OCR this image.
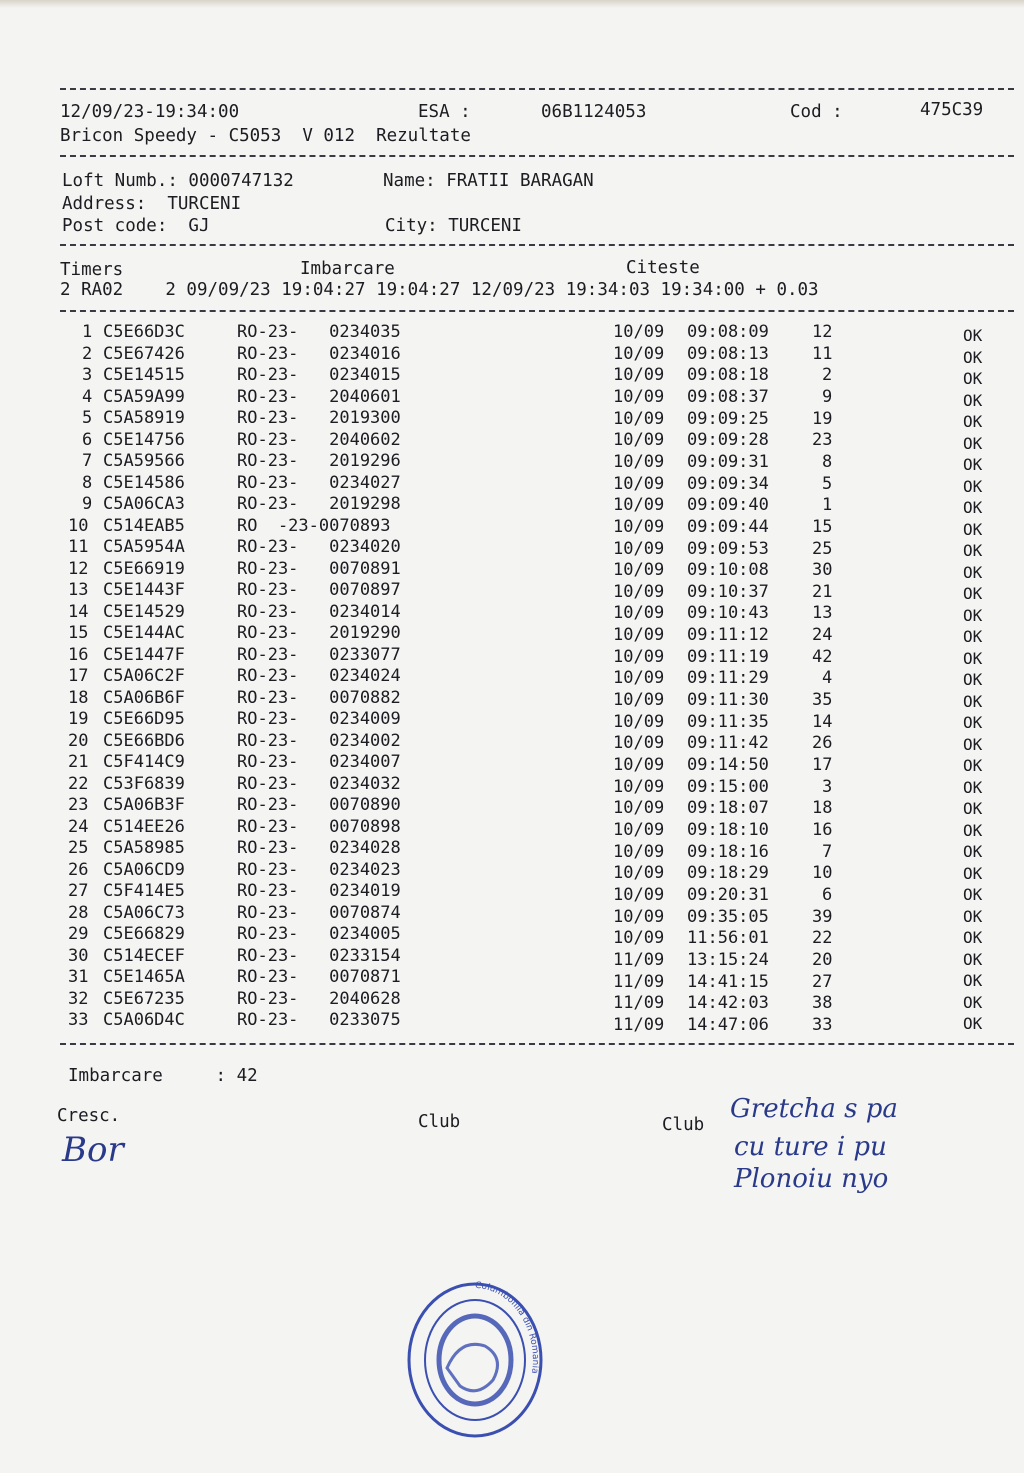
12/09/23-19:34:00	ESA :	06B1124053	Cod :	475C39
Bricon Speedy - C5053  V 012  Rezultate
Loft Numb.: 0000747132	Name: FRATII BARAGAN
Address:  TURCENI
Post code:  GJ	City: TURCENI
Timers	Imbarcare	Citeste
2 RA02    2 09/09/23 19:04:27 19:04:27 12/09/23 19:34:03 19:34:00 + 0.03
1 C5E66D3C	RO-23-   0234035	10/09 09:08:09	12	OK
2 C5E67426	RO-23-   0234016	10/09 09:08:13	11	OK
3 C5E14515	RO-23-   0234015	10/09 09:08:18	2	OK
4 C5A59A99	RO-23-   2040601	10/09 09:08:37	9	OK
5 C5A58919	RO-23-   2019300	10/09 09:09:25	19	OK
6 C5E14756	RO-23-   2040602	10/09 09:09:28	23	OK
7 C5A59566	RO-23-   2019296	10/09 09:09:31	8	OK
8 C5E14586	RO-23-   0234027	10/09 09:09:34	5	OK
9 C5A06CA3	RO-23-   2019298	10/09 09:09:40	1	OK
10 C514EAB5	RO  -23-0070893	10/09 09:09:44	15	OK
11 C5A5954A	RO-23-   0234020	10/09 09:09:53	25	OK
12 C5E66919	RO-23-   0070891	10/09 09:10:08	30	OK
13 C5E1443F	RO-23-   0070897	10/09 09:10:37	21	OK
14 C5E14529	RO-23-   0234014	10/09 09:10:43	13	OK
15 C5E144AC	RO-23-   2019290	10/09 09:11:12	24	OK
16 C5E1447F	RO-23-   0233077	10/09 09:11:19	42	OK
17 C5A06C2F	RO-23-   0234024	10/09 09:11:29	4	OK
18 C5A06B6F	RO-23-   0070882	10/09 09:11:30	35	OK
19 C5E66D95	RO-23-   0234009	10/09 09:11:35	14	OK
20 C5E66BD6	RO-23-   0234002	10/09 09:11:42	26	OK
21 C5F414C9	RO-23-   0234007	10/09 09:14:50	17	OK
22 C53F6839	RO-23-   0234032	10/09 09:15:00	3	OK
23 C5A06B3F	RO-23-   0070890	10/09 09:18:07	18	OK
24 C514EE26	RO-23-   0070898	10/09 09:18:10	16	OK
25 C5A58985	RO-23-   0234028	10/09 09:18:16	7	OK
26 C5A06CD9	RO-23-   0234023	10/09 09:18:29	10	OK
27 C5F414E5	RO-23-   0234019	10/09 09:20:31	6	OK
28 C5A06C73	RO-23-   0070874	10/09 09:35:05	39	OK
29 C5E66829	RO-23-   0234005	10/09 11:56:01	22	OK
30 C514ECEF	RO-23-   0233154	11/09 13:15:24	20	OK
31 C5E1465A	RO-23-   0070871	11/09 14:41:15	27	OK
32 C5E67235	RO-23-   2040628	11/09 14:42:03	38	OK
33 C5A06D4C	RO-23-   0233075	11/09 14:47:06	33	OK
Imbarcare     : 42
Cresc.	Club	Club
Bor
Gretcha s pa
cu ture i pu
Plonoiu nyo
Columbofilia din Romania
